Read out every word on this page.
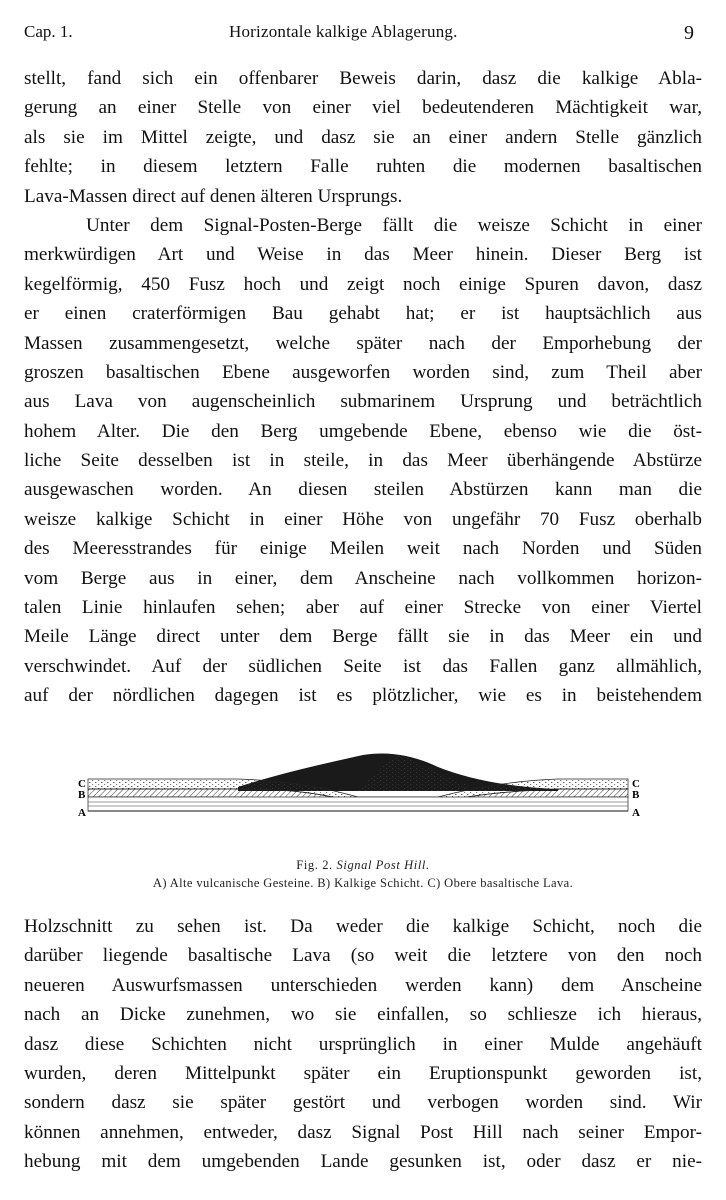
Cap. 1.	Horizontale kalkige Ablagerung.	9
stellt, fand sich ein offenbarer Beweis darin, dasz die kalkige Abla-
gerung an einer Stelle von einer viel bedeutenderen Mächtigkeit war,
als sie im Mittel zeigte, und dasz sie an einer andern Stelle gänzlich
fehlte; in diesem letztern Falle ruhten die modernen basaltischen
Lava-Massen direct auf denen älteren Ursprungs.
Unter dem Signal-Posten-Berge fällt die weisze Schicht in einer
merkwürdigen Art und Weise in das Meer hinein. Dieser Berg ist
kegelförmig, 450 Fusz hoch und zeigt noch einige Spuren davon, dasz
er einen craterförmigen Bau gehabt hat; er ist hauptsächlich aus
Massen zusammengesetzt, welche später nach der Emporhebung der
groszen basaltischen Ebene ausgeworfen worden sind, zum Theil aber
aus Lava von augenscheinlich submarinem Ursprung und beträchtlich
hohem Alter. Die den Berg umgebende Ebene, ebenso wie die öst-
liche Seite desselben ist in steile, in das Meer überhängende Abstürze
ausgewaschen worden. An diesen steilen Abstürzen kann man die
weisze kalkige Schicht in einer Höhe von ungefähr 70 Fusz oberhalb
des Meeresstrandes für einige Meilen weit nach Norden und Süden
vom Berge aus in einer, dem Anscheine nach vollkommen horizon-
talen Linie hinlaufen sehen; aber auf einer Strecke von einer Viertel
Meile Länge direct unter dem Berge fällt sie in das Meer ein und
verschwindet. Auf der südlichen Seite ist das Fallen ganz allmählich,
auf der nördlichen dagegen ist es plötzlicher, wie es in beistehendem
C
B
A
C
B
A
Fig. 2. Signal Post Hill.
A) Alte vulcanische Gesteine. B) Kalkige Schicht. C) Obere basaltische Lava.
Holzschnitt zu sehen ist. Da weder die kalkige Schicht, noch die
darüber liegende basaltische Lava (so weit die letztere von den noch
neueren Auswurfsmassen unterschieden werden kann) dem Anscheine
nach an Dicke zunehmen, wo sie einfallen, so schliesze ich hieraus,
dasz diese Schichten nicht ursprünglich in einer Mulde angehäuft
wurden, deren Mittelpunkt später ein Eruptionspunkt geworden ist,
sondern dasz sie später gestört und verbogen worden sind. Wir
können annehmen, entweder, dasz Signal Post Hill nach seiner Empor-
hebung mit dem umgebenden Lande gesunken ist, oder dasz er nie-
